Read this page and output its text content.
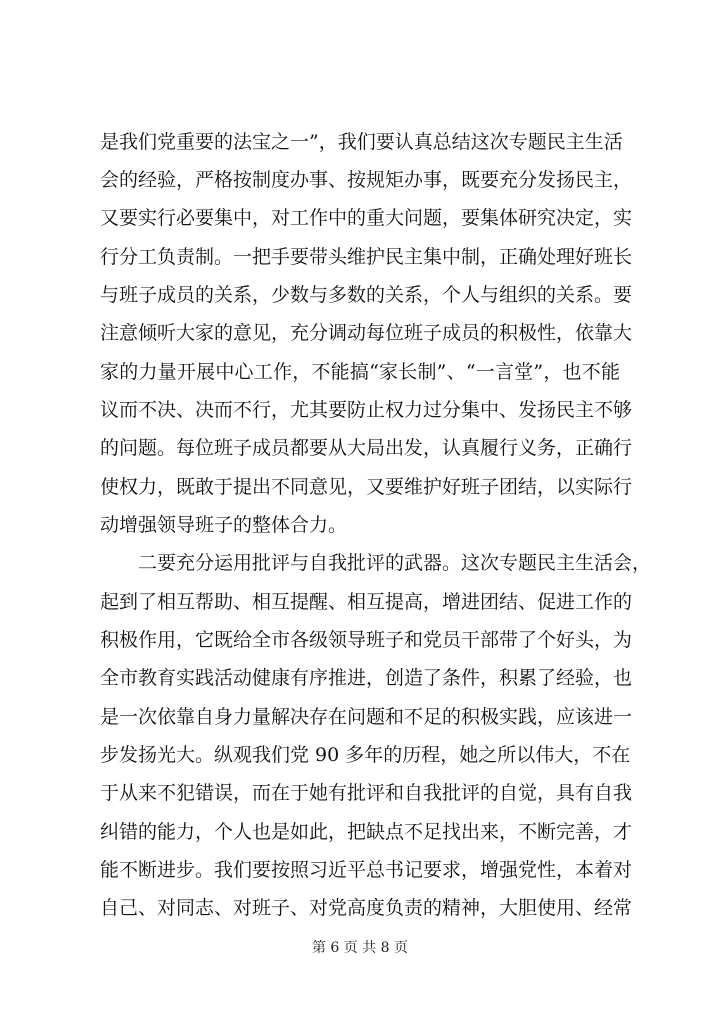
是我们党重要的法宝之一”，我们要认真总结这次专题民主生活
会的经验，严格按制度办事、按规矩办事，既要充分发扬民主，
又要实行必要集中，对工作中的重大问题，要集体研究决定，实
行分工负责制。一把手要带头维护民主集中制，正确处理好班长
与班子成员的关系，少数与多数的关系，个人与组织的关系。要
注意倾听大家的意见，充分调动每位班子成员的积极性，依靠大
家的力量开展中心工作，不能搞“家长制”、“一言堂”，也不能
议而不决、决而不行，尤其要防止权力过分集中、发扬民主不够
的问题。每位班子成员都要从大局出发，认真履行义务，正确行
使权力，既敢于提出不同意见，又要维护好班子团结，以实际行
动增强领导班子的整体合力。
二要充分运用批评与自我批评的武器。这次专题民主生活会，
起到了相互帮助、相互提醒、相互提高，增进团结、促进工作的
积极作用，它既给全市各级领导班子和党员干部带了个好头，为
全市教育实践活动健康有序推进，创造了条件，积累了经验，也
是一次依靠自身力量解决存在问题和不足的积极实践，应该进一
步发扬光大。纵观我们党 90 多年的历程，她之所以伟大，不在
于从来不犯错误，而在于她有批评和自我批评的自觉，具有自我
纠错的能力，个人也是如此，把缺点不足找出来，不断完善，才
能不断进步。我们要按照习近平总书记要求，增强党性，本着对
自己、对同志、对班子、对党高度负责的精神，大胆使用、经常
第 6 页 共 8 页
